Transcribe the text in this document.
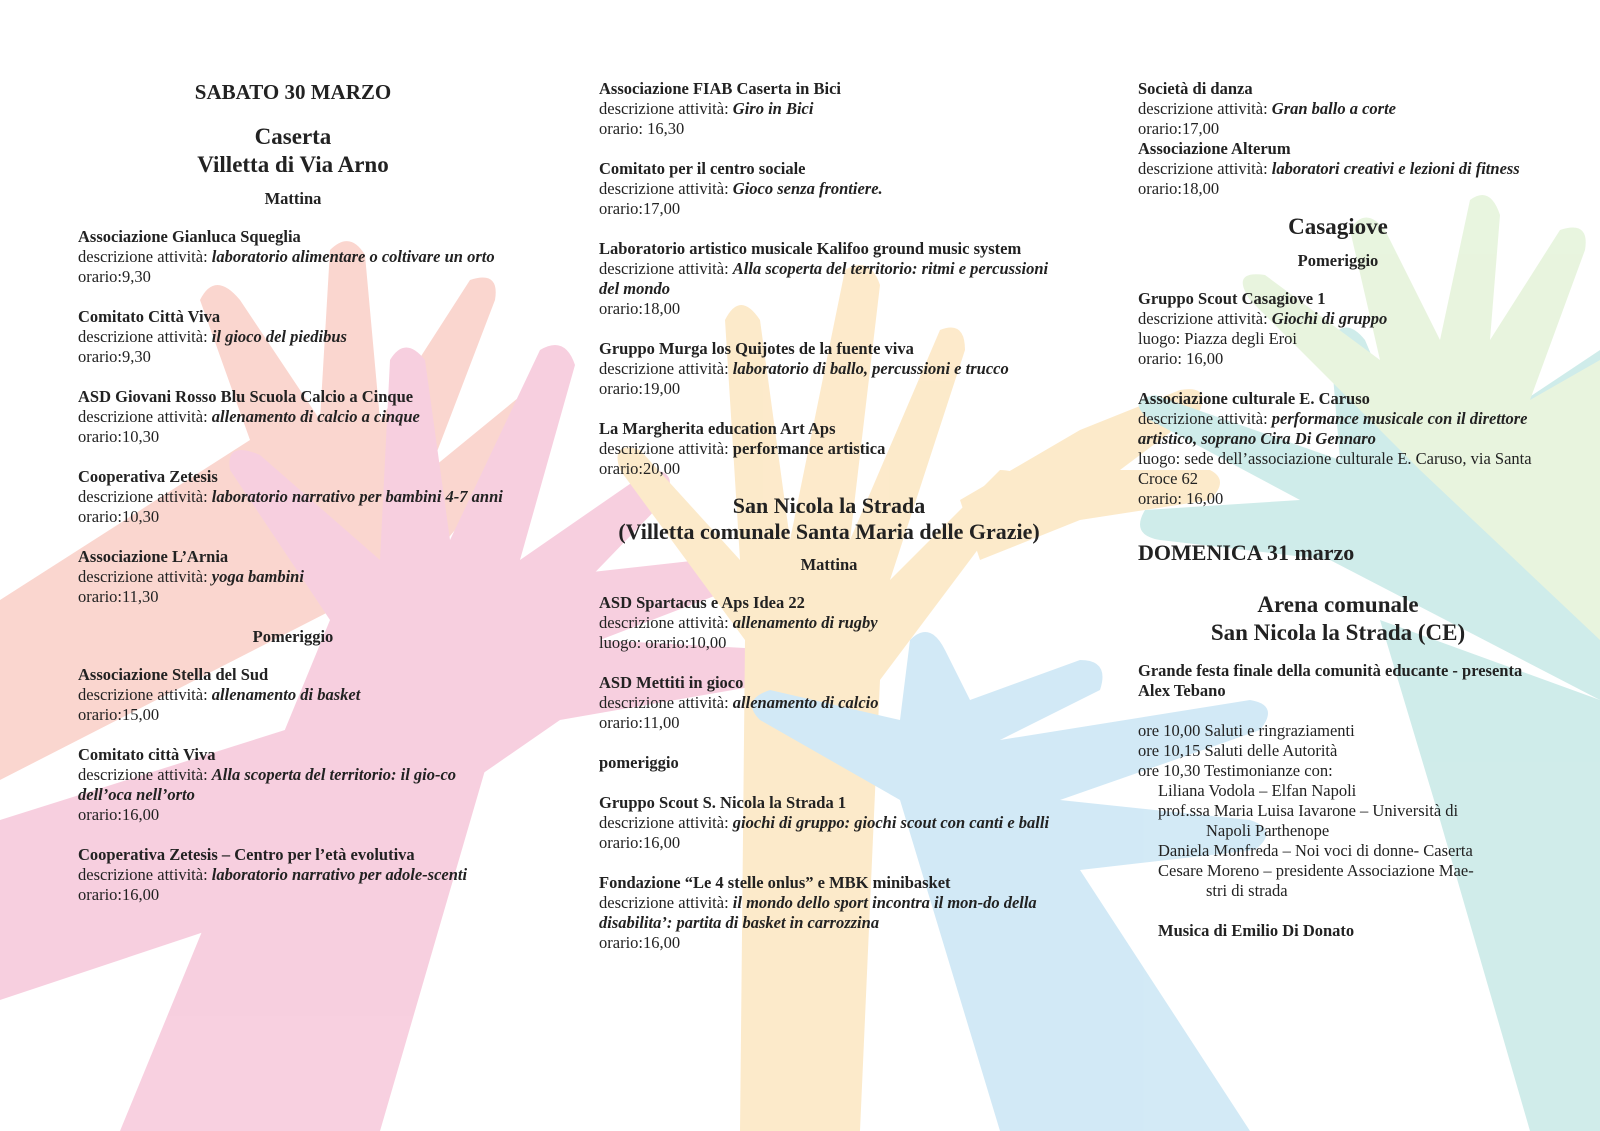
SABATO 30 MARZO
Caserta
Villetta di Via Arno
Mattina
Associazione Gianluca Squeglia
descrizione attività: laboratorio alimentare o coltivare un orto
orario:9,30
Comitato Città Viva
descrizione attività: il gioco del piedibus
orario:9,30
ASD Giovani Rosso Blu Scuola Calcio a Cinque
descrizione attività: allenamento di calcio a cinque
orario:10,30
Cooperativa Zetesis
descrizione attività: laboratorio narrativo per bambini 4-7 anni
orario:10,30
Associazione L’Arnia
descrizione attività: yoga bambini
orario:11,30
Pomeriggio
Associazione Stella del Sud
descrizione attività: allenamento di basket
orario:15,00
Comitato città Viva
descrizione attività: Alla scoperta del territorio: il gio-co dell’oca nell’orto
orario:16,00
Cooperativa Zetesis – Centro per l’età evolutiva
descrizione attività: laboratorio narrativo per adole-scenti
orario:16,00
Associazione FIAB Caserta in Bici
descrizione attività: Giro in Bici
orario: 16,30
Comitato per il centro sociale
descrizione attività: Gioco senza frontiere.
orario:17,00
Laboratorio artistico musicale Kalifoo ground music system
descrizione attività: Alla scoperta del territorio: ritmi e percussioni del mondo
orario:18,00
Gruppo Murga los Quijotes de la fuente viva
descrizione attività: laboratorio di ballo, percussioni e trucco
orario:19,00
La Margherita education Art Aps
descrizione attività: performance artistica
orario:20,00
San Nicola la Strada
(Villetta comunale Santa Maria delle Grazie)
Mattina
ASD Spartacus e Aps Idea 22
descrizione attività: allenamento di rugby
luogo: orario:10,00
ASD Mettiti in gioco
descrizione attività: allenamento di calcio
orario:11,00
pomeriggio
Gruppo Scout S. Nicola la Strada 1
descrizione attività: giochi di gruppo: giochi scout con canti e balli
orario:16,00
Fondazione “Le 4 stelle onlus” e MBK minibasket
descrizione attività: il mondo dello sport incontra il mon-do della disabilita’: partita di basket in carrozzina
orario:16,00
Società di danza
descrizione attività: Gran ballo a corte
orario:17,00
Associazione Alterum
descrizione attività: laboratori creativi e lezioni di fitness
orario:18,00
Casagiove
Pomeriggio
Gruppo Scout Casagiove 1
descrizione attività: Giochi di gruppo
luogo: Piazza degli Eroi
orario: 16,00
Associazione culturale E. Caruso
descrizione attività: performance musicale con il direttore artistico, soprano Cira Di Gennaro
luogo: sede dell’associazione culturale E. Caruso, via Santa Croce 62
orario: 16,00
DOMENICA 31 marzo
Arena comunale
San Nicola la Strada (CE)
Grande festa finale della comunità educante - presenta Alex Tebano
ore 10,00 Saluti e ringraziamenti
ore 10,15 Saluti delle Autorità
ore 10,30 Testimonianze con:
Liliana Vodola – Elfan Napoli
prof.ssa Maria Luisa Iavarone – Università di
Napoli Parthenope
Daniela Monfreda – Noi voci di donne- Caserta
Cesare Moreno – presidente Associazione Mae-
stri di strada
Musica di Emilio Di Donato
